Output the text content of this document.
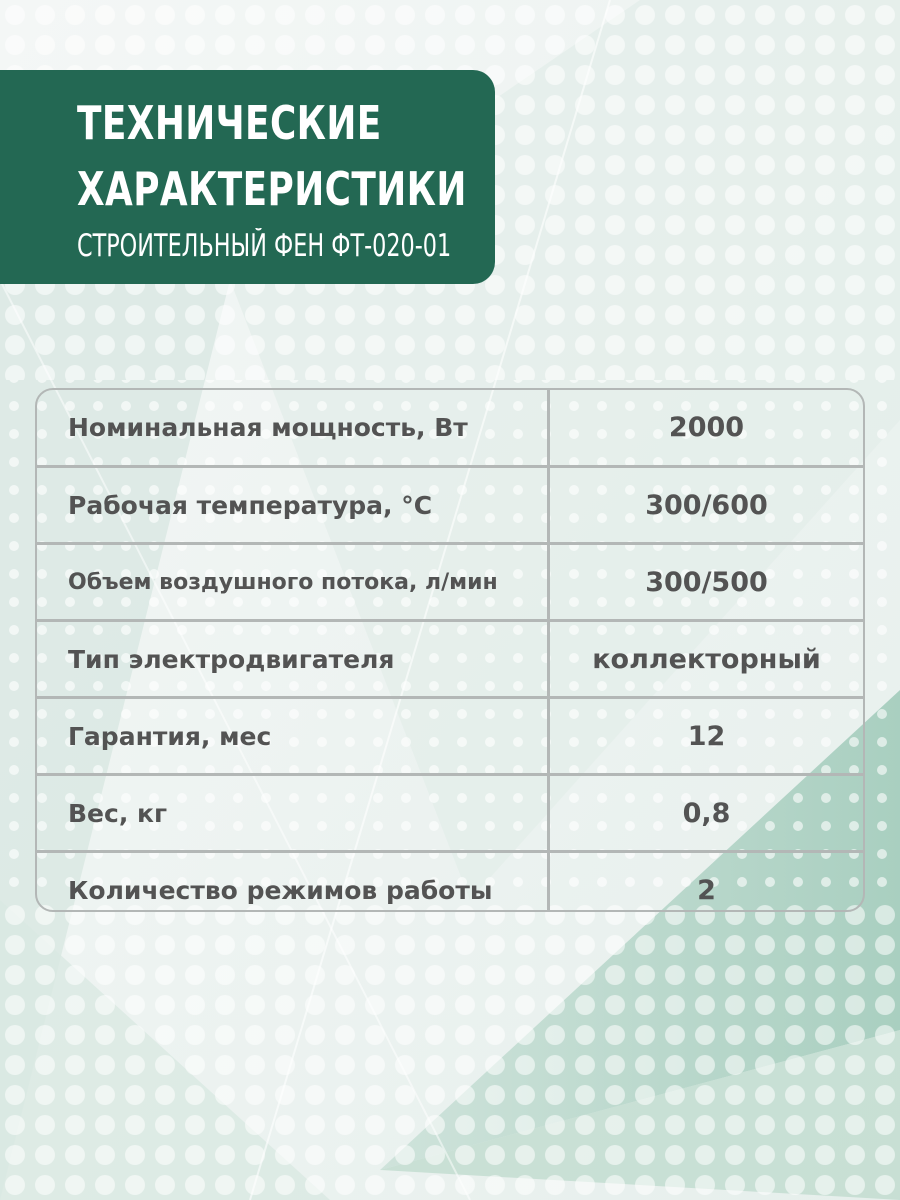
ТЕХНИЧЕСКИЕ
ХАРАКТЕРИСТИКИ
СТРОИТЕЛЬНЫЙ ФЕН ФТ-020-01
Номинальная мощность, Вт	2000
Рабочая температура, °С	300/600
Объем воздушного потока, л/мин	300/500
Тип электродвигателя	коллекторный
Гарантия, мес	12
Вес, кг	0,8
Количество режимов работы	2
